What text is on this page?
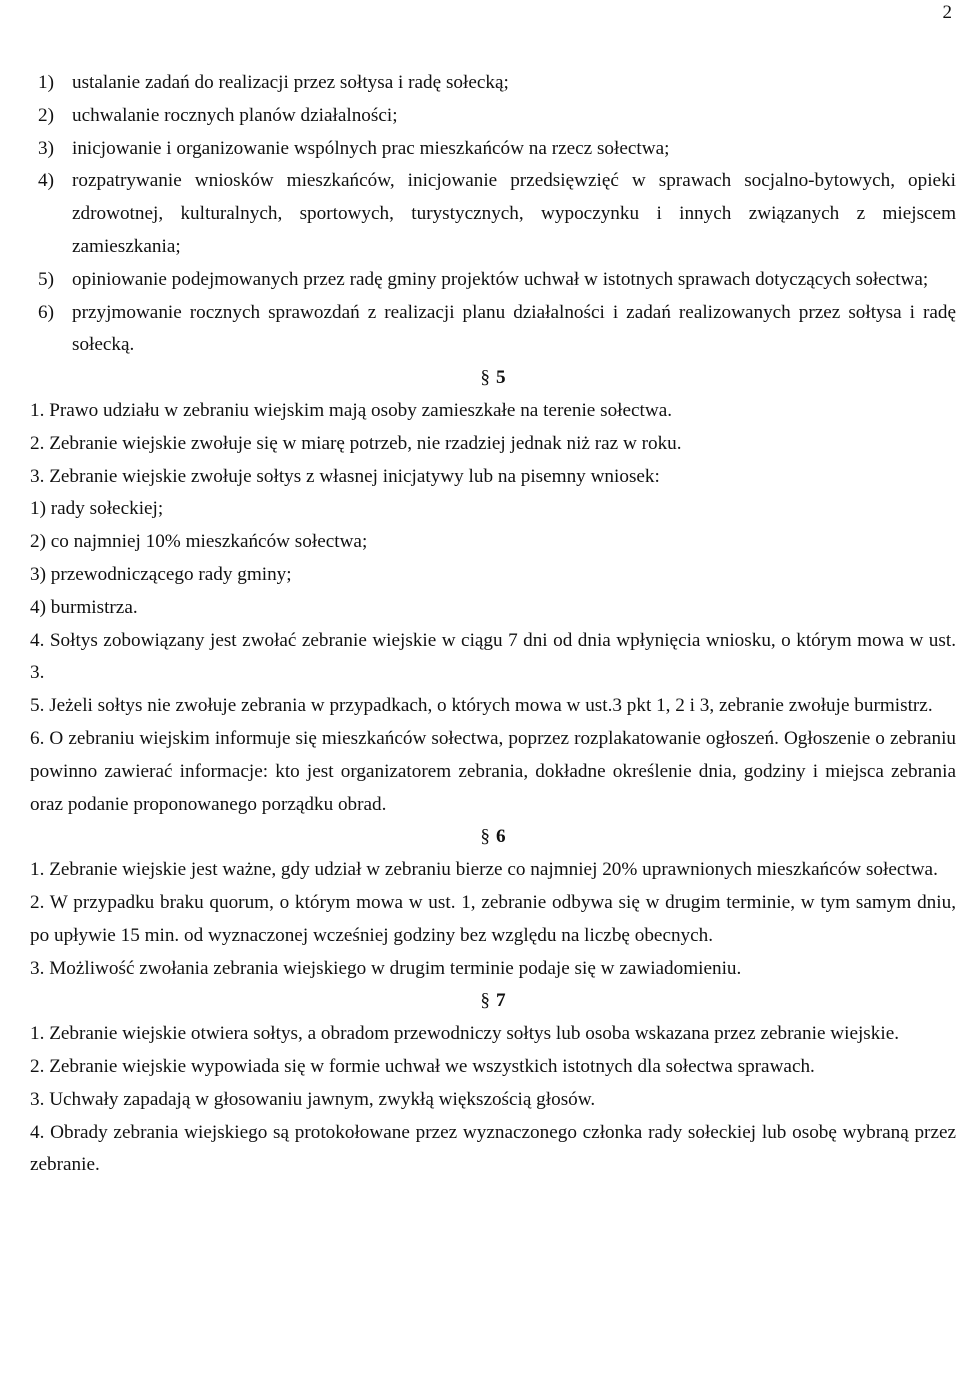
2

1) ustalanie zadań do realizacji przez sołtysa i radę sołecką;

2) uchwalanie rocznych planów działalności;

3) inicjowanie i organizowanie wspólnych prac mieszkańców na rzecz sołectwa;

4) rozpatrywanie wniosków mieszkańców, inicjowanie przedsięwzięć w sprawach socjalno-bytowych, opieki zdrowotnej, kulturalnych, sportowych, turystycznych, wypoczynku i innych związanych z miejscem zamieszkania;

5) opiniowanie podejmowanych przez radę gminy projektów uchwał w istotnych sprawach dotyczących sołectwa;

6) przyjmowanie rocznych sprawozdań z realizacji planu działalności i zadań realizowanych przez sołtysa i radę sołecką.

§ 5

1. Prawo udziału w zebraniu wiejskim mają osoby zamieszkałe na terenie sołectwa.

2. Zebranie wiejskie zwołuje się w miarę potrzeb, nie rzadziej jednak niż raz w roku.

3. Zebranie wiejskie zwołuje sołtys z własnej inicjatywy lub na pisemny wniosek:

1) rady sołeckiej;

2) co najmniej 10% mieszkańców sołectwa;

3) przewodniczącego rady gminy;

4) burmistrza.

4. Sołtys zobowiązany jest zwołać zebranie wiejskie w ciągu 7 dni od dnia wpłynięcia wniosku, o którym mowa w ust. 3.

5. Jeżeli sołtys nie zwołuje zebrania w przypadkach, o których mowa w ust.3 pkt 1, 2 i 3, zebranie zwołuje burmistrz.

6. O zebraniu wiejskim informuje się mieszkańców sołectwa, poprzez rozplakatowanie ogłoszeń. Ogłoszenie o zebraniu powinno zawierać informacje: kto jest organizatorem zebrania, dokładne określenie dnia, godziny i miejsca zebrania oraz podanie proponowanego porządku obrad.

§ 6

1. Zebranie wiejskie jest ważne, gdy udział w zebraniu bierze co najmniej 20% uprawnionych mieszkańców sołectwa.

2. W przypadku braku quorum, o którym mowa w ust. 1, zebranie odbywa się w drugim terminie, w tym samym dniu, po upływie 15 min. od wyznaczonej wcześniej godziny bez względu na liczbę obecnych.

3. Możliwość zwołania zebrania wiejskiego w drugim terminie podaje się w zawiadomieniu.

§ 7

1. Zebranie wiejskie otwiera sołtys, a obradom przewodniczy sołtys lub osoba wskazana przez zebranie wiejskie.

2. Zebranie wiejskie wypowiada się w formie uchwał we wszystkich istotnych dla sołectwa sprawach.

3. Uchwały zapadają w głosowaniu jawnym, zwykłą większością głosów.

4. Obrady zebrania wiejskiego są protokołowane przez wyznaczonego członka rady sołeckiej lub osobę wybraną przez zebranie.
